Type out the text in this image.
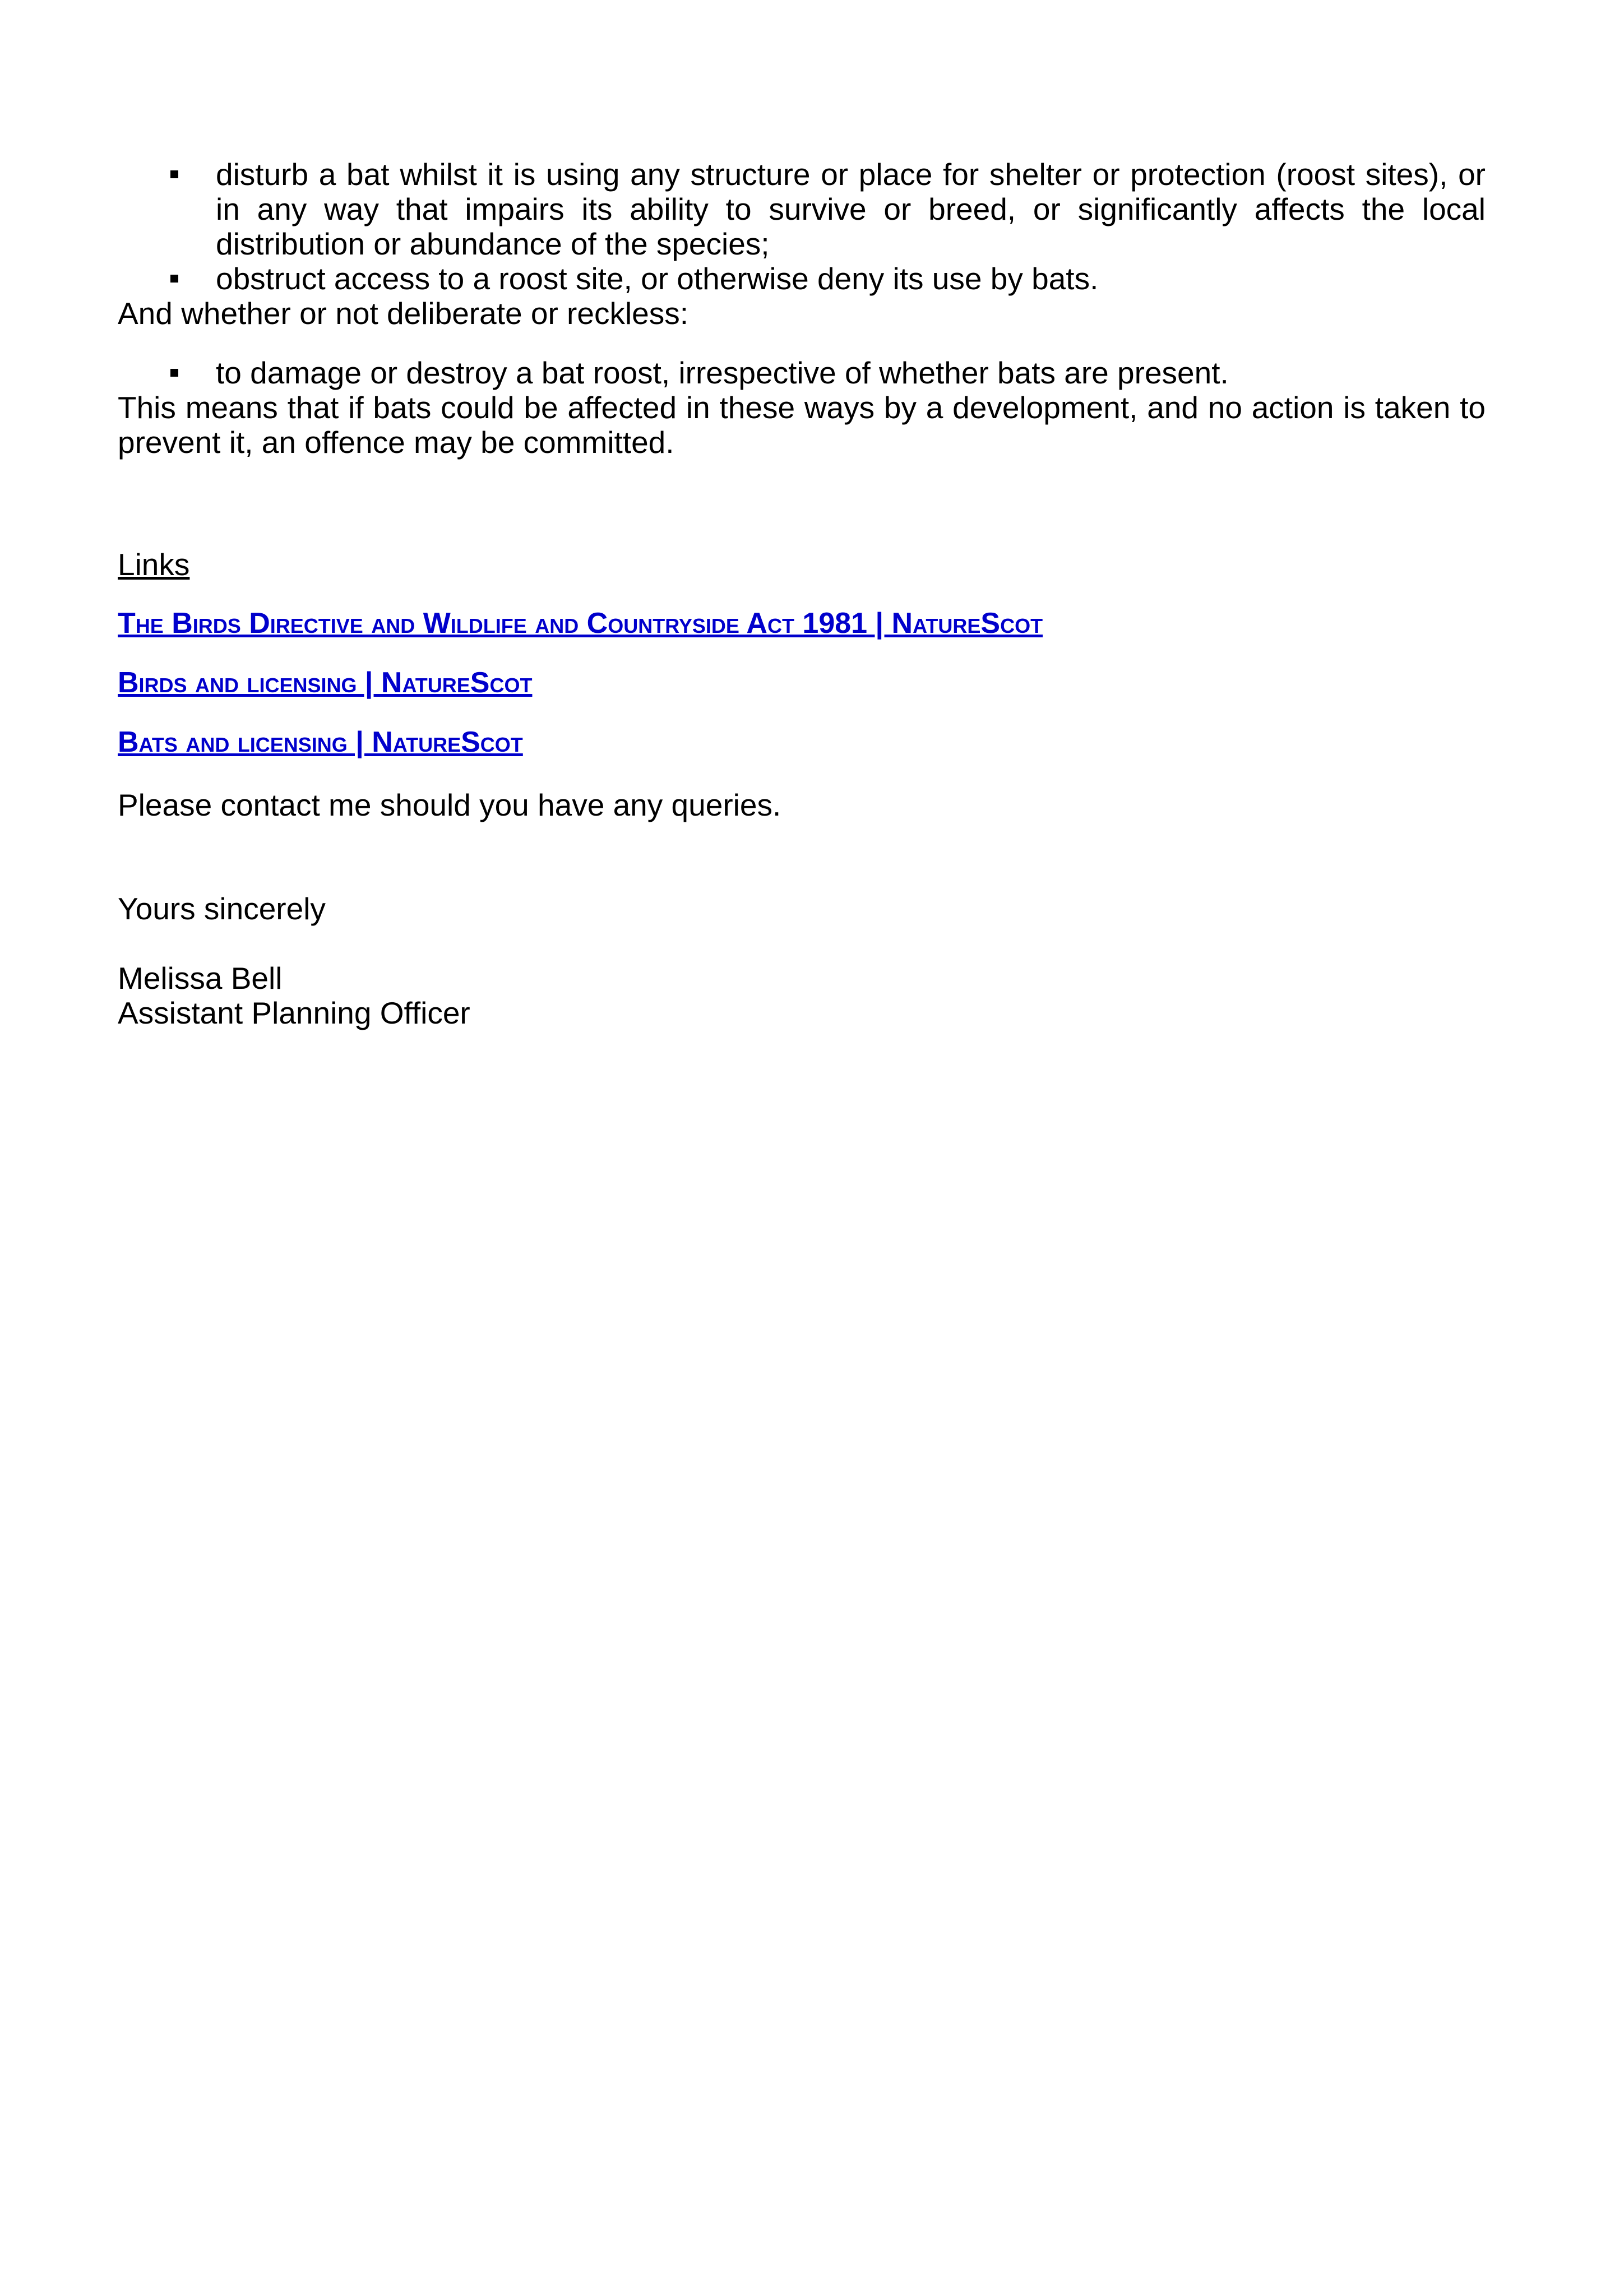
disturb a bat whilst it is using any structure or place for shelter or protection (roost sites), or in any way that impairs its ability to survive or breed, or significantly affects the local distribution or abundance of the species;
obstruct access to a roost site, or otherwise deny its use by bats.
And whether or not deliberate or reckless:
to damage or destroy a bat roost, irrespective of whether bats are present.
This means that if bats could be affected in these ways by a development, and no action is taken to prevent it, an offence may be committed.
Links
The Birds Directive and Wildlife and Countryside Act 1981 | NatureScot
Birds and licensing | NatureScot
Bats and licensing | NatureScot
Please contact me should you have any queries.
Yours sincerely
Melissa Bell
Assistant Planning Officer
